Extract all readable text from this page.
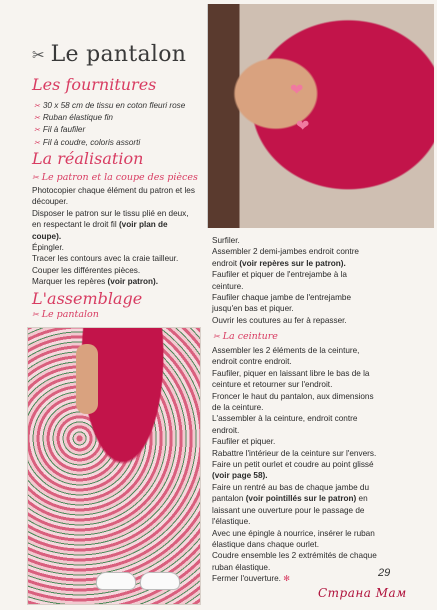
❤
❤
✂ Le pantalon
Les fournitures
✂ 30 x 58 cm de tissu en coton fleuri rose
✂ Ruban élastique fin
✂ Fil à faufiler
✂ Fil à coudre, coloris assorti
La réalisation
✂ Le patron et la coupe des pièces
Photocopier chaque élément du patron et les
découper.
Disposer le patron sur le tissu plié en deux,
en respectant le droit fil (voir plan de
coupe).
Épingler.
Tracer les contours avec la craie tailleur.
Couper les différentes pièces.
Marquer les repères (voir patron).
L'assemblage
✂ Le pantalon
Surfiler.
Assembler 2 demi-jambes endroit contre
endroit (voir repères sur le patron).
Faufiler et piquer de l'entrejambe à la
ceinture.
Faufiler chaque jambe de l'entrejambe
jusqu'en bas et piquer.
Ouvrir les coutures au fer à repasser.
✂ La ceinture
Assembler les 2 éléments de la ceinture,
endroit contre endroit.
Faufiler, piquer en laissant libre le bas de la
ceinture et retourner sur l'endroit.
Froncer le haut du pantalon, aux dimensions
de la ceinture.
L'assembler à la ceinture, endroit contre
endroit.
Faufiler et piquer.
Rabattre l'intérieur de la ceinture sur l'envers.
Faire un petit ourlet et coudre au point glissé
(voir page 58).
Faire un rentré au bas de chaque jambe du
pantalon (voir pointillés sur le patron) en
laissant une ouverture pour le passage de
l'élastique.
Avec une épingle à nourrice, insérer le ruban
élastique dans chaque ourlet.
Coudre ensemble les 2 extrémités de chaque
ruban élastique.
Fermer l'ouverture. ✻	29
Страна Мам
